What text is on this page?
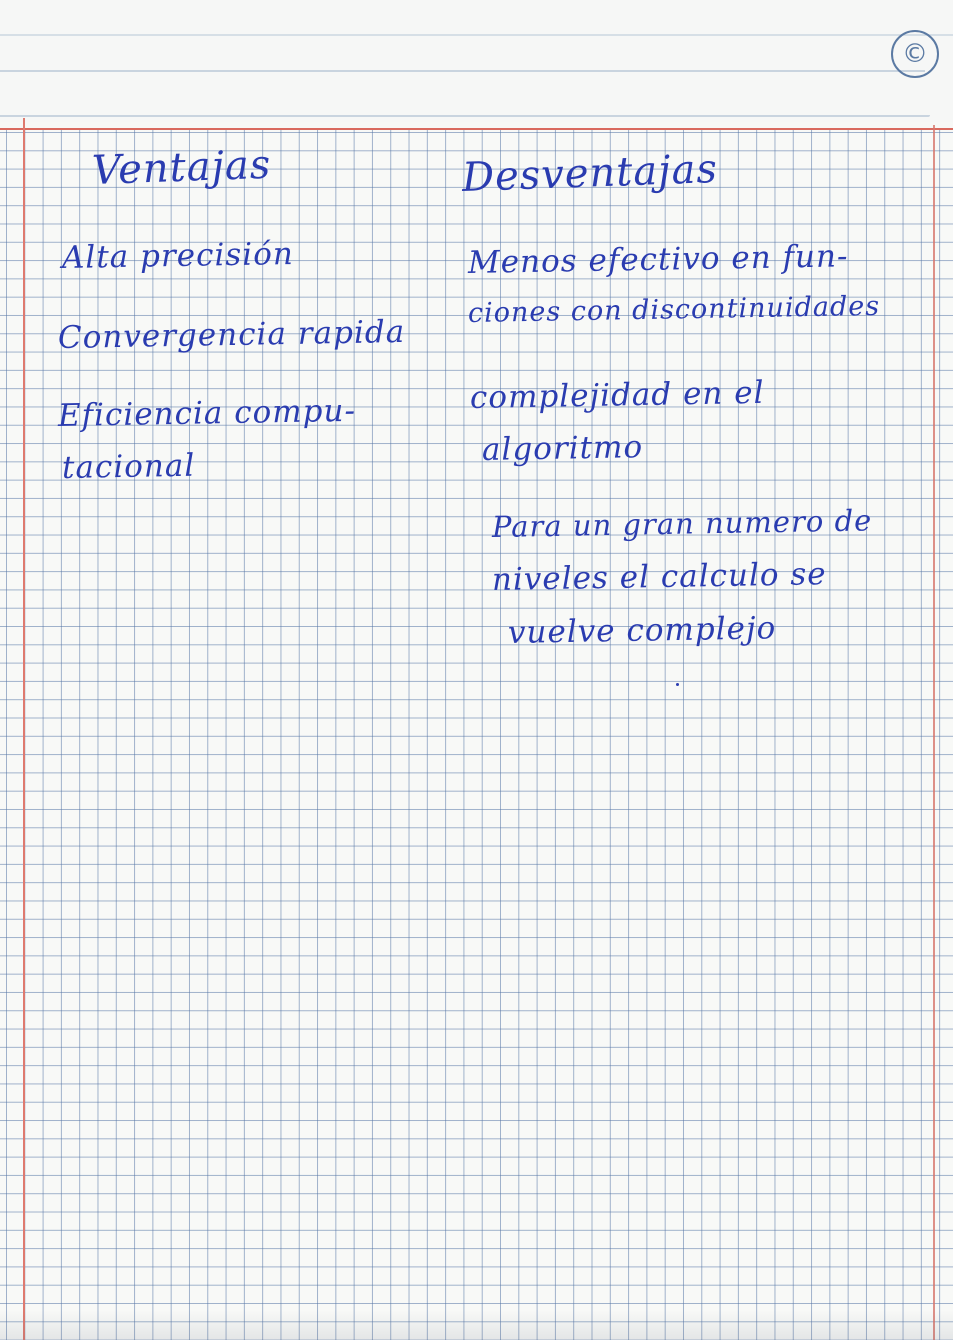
©
Ventajas
Alta precisión
Convergencia rapida
Eficiencia compu-
tacional
Desventajas
Menos efectivo en fun-
ciones con discontinuidades
complejidad en el
algoritmo
Para un gran numero de
niveles el calculo se
vuelve complejo
